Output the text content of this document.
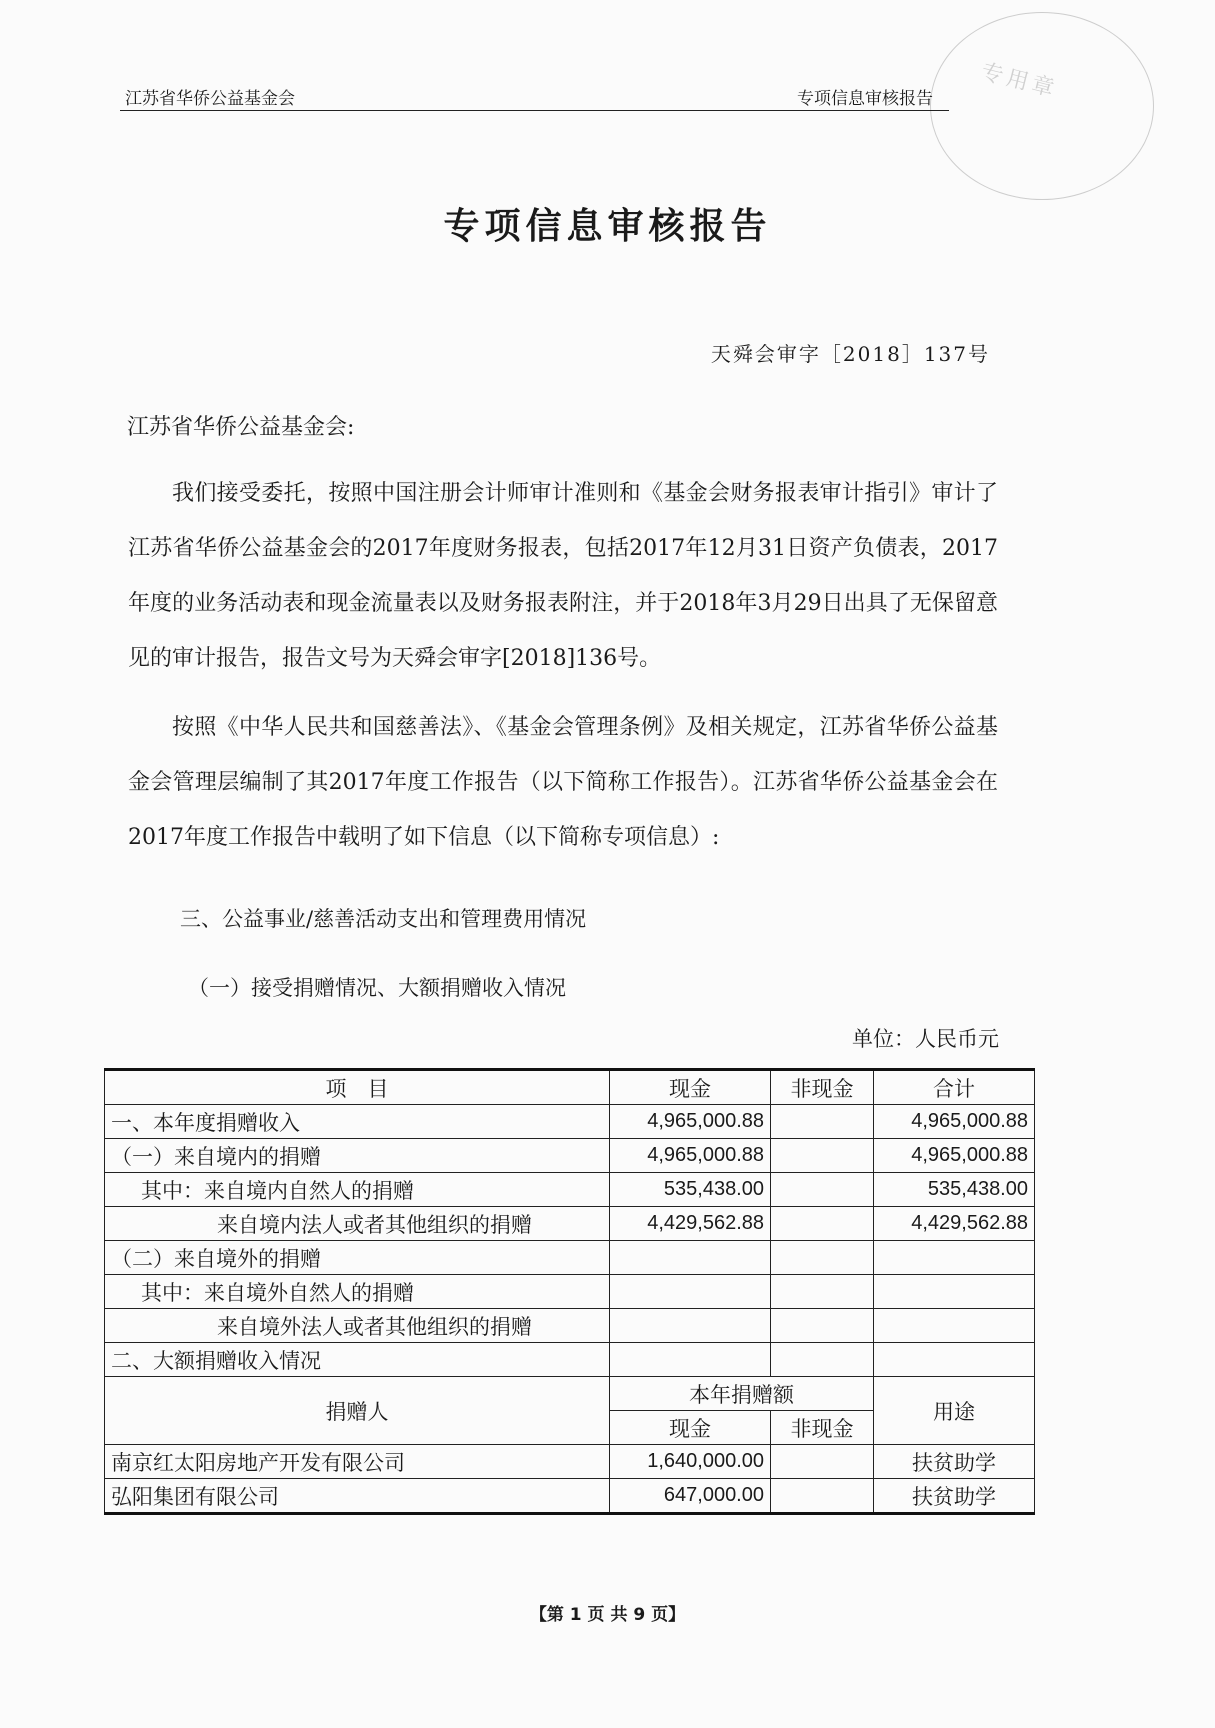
专用章
江苏省华侨公益基金会	专项信息审核报告
专项信息审核报告
天舜会审字［2018］137号
江苏省华侨公益基金会:
我们接受委托，按照中国注册会计师审计准则和《基金会财务报表审计指引》审计了江苏省华侨公益基金会的2017年度财务报表，包括2017年12月31日资产负债表，2017年度的业务活动表和现金流量表以及财务报表附注，并于2018年3月29日出具了无保留意见的审计报告，报告文号为天舜会审字[2018]136号。
按照《中华人民共和国慈善法》、《基金会管理条例》及相关规定，江苏省华侨公益基金会管理层编制了其2017年度工作报告（以下简称工作报告）。江苏省华侨公益基金会在2017年度工作报告中载明了如下信息（以下简称专项信息）:
三、公益事业/慈善活动支出和管理费用情况
（一）接受捐赠情况、大额捐赠收入情况
单位：人民币元
项　目	现金	非现金	合计
一、本年度捐赠收入	4,965,000.88		4,965,000.88
（一）来自境内的捐赠	4,965,000.88		4,965,000.88
其中：来自境内自然人的捐赠	535,438.00		535,438.00
来自境内法人或者其他组织的捐赠	4,429,562.88		4,429,562.88
（二）来自境外的捐赠			
其中：来自境外自然人的捐赠			
来自境外法人或者其他组织的捐赠			
二、大额捐赠收入情况			
捐赠人	本年捐赠额		用途
	现金	非现金	
南京红太阳房地产开发有限公司	1,640,000.00		扶贫助学
弘阳集团有限公司	647,000.00		扶贫助学
【第 1 页 共 9 页】
